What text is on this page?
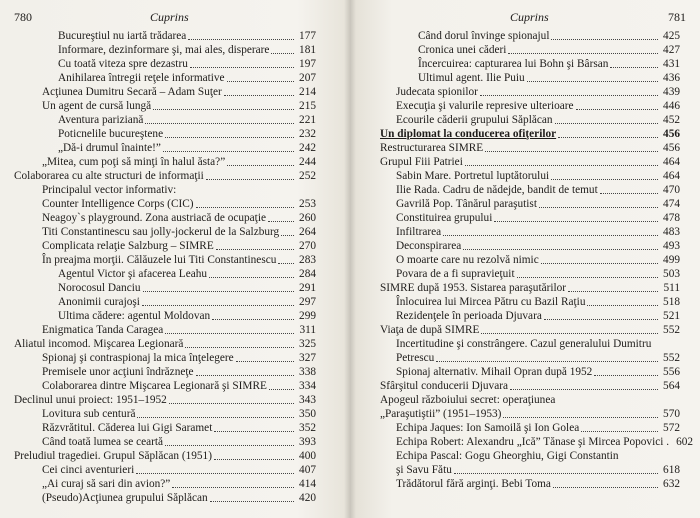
780	Cuprins
Bucureştiul nu iartă trădarea	177
Informare, dezinformare şi, mai ales, disperare	181
Cu toată viteza spre dezastru	197
Anihilarea întregii reţele informative	207
Acţiunea Dumitru Secară – Adam Suţer	214
Un agent de cursă lungă	215
Aventura pariziană	221
Poticnelile bucureştene	232
„Dă-i drumul înainte!”	242
„Mitea, cum poţi să minţi în halul ăsta?”	244
Colaborarea cu alte structuri de informaţii	252
Principalul vector informativ:
Counter Intelligence Corps (CIC)	253
Neagoy`s playground. Zona austriacă de ocupaţie	260
Titi Constantinescu sau jolly-jockerul de la Salzburg 264
Complicata relaţie Salzburg – SIMRE	270
În preajma morţii. Călăuzele lui Titi Constantinescu 283
Agentul Victor şi afacerea Leahu	284
Norocosul Danciu	291
Anonimii curajoşi	297
Ultima cădere: agentul Moldovan	299
Enigmatica Tanda Caragea	311
Aliatul incomod. Mişcarea Legionară	325
Spionaj şi contraspionaj la mica înţelegere	327
Premisele unor acţiuni îndrăzneţe	338
Colaborarea dintre Mişcarea Legionară şi SIMRE	334
Declinul unui proiect: 1951–1952	343
Lovitura sub centură	350
Răzvrătitul. Căderea lui Gigi Saramet	352
Când toată lumea se ceartă	393
Preludiul tragediei. Grupul Săplăcan (1951)	400
Cei cinci aventurieri	407
„Ai curaj să sari din avion?”	414
(Pseudo)Acţiunea grupului Săplăcan	420
Cuprins	781
Când dorul învinge spionajul	425
Cronica unei căderi	427
Încercuirea: capturarea lui Bohn şi Bârsan	431
Ultimul agent. Ilie Puiu	436
Judecata spionilor	439
Execuţia şi valurile represive ulterioare	446
Ecourile căderii grupului Săplăcan	452
Un diplomat la conducerea ofiţerilor	456
Restructurarea SIMRE	456
Grupul Fiii Patriei	464
Sabin Mare. Portretul luptătorului	464
Ilie Rada. Cadru de nădejde, bandit de temut	470
Gavrilă Pop. Tânărul paraşutist	474
Constituirea grupului	478
Infiltrarea	483
Deconspirarea	493
O moarte care nu rezolvă nimic	499
Povara de a fi supravieţuit	503
SIMRE după 1953. Sistarea paraşutărilor	511
Înlocuirea lui Mircea Pătru cu Bazil Raţiu	518
Rezidenţele în perioada Djuvara	521
Viaţa de după SIMRE	552
Incertitudine şi constrângere. Cazul generalului Dumitru
Petrescu	552
Spionaj alternativ. Mihail Opran după 1952	556
Sfârşitul conducerii Djuvara	564
Apogeul războiului secret: operaţiunea
„Paraşutiştii” (1951–1953)	570
Echipa Jaques: Ion Samoilă şi Ion Golea	572
Echipa Robert: Alexandru „Ică” Tănase şi Mircea Popovici . 602
Echipa Pascal: Gogu Gheorghiu, Gigi Constantin
şi Savu Fătu	618
Trădătorul fără arginţi. Bebi Toma	632
